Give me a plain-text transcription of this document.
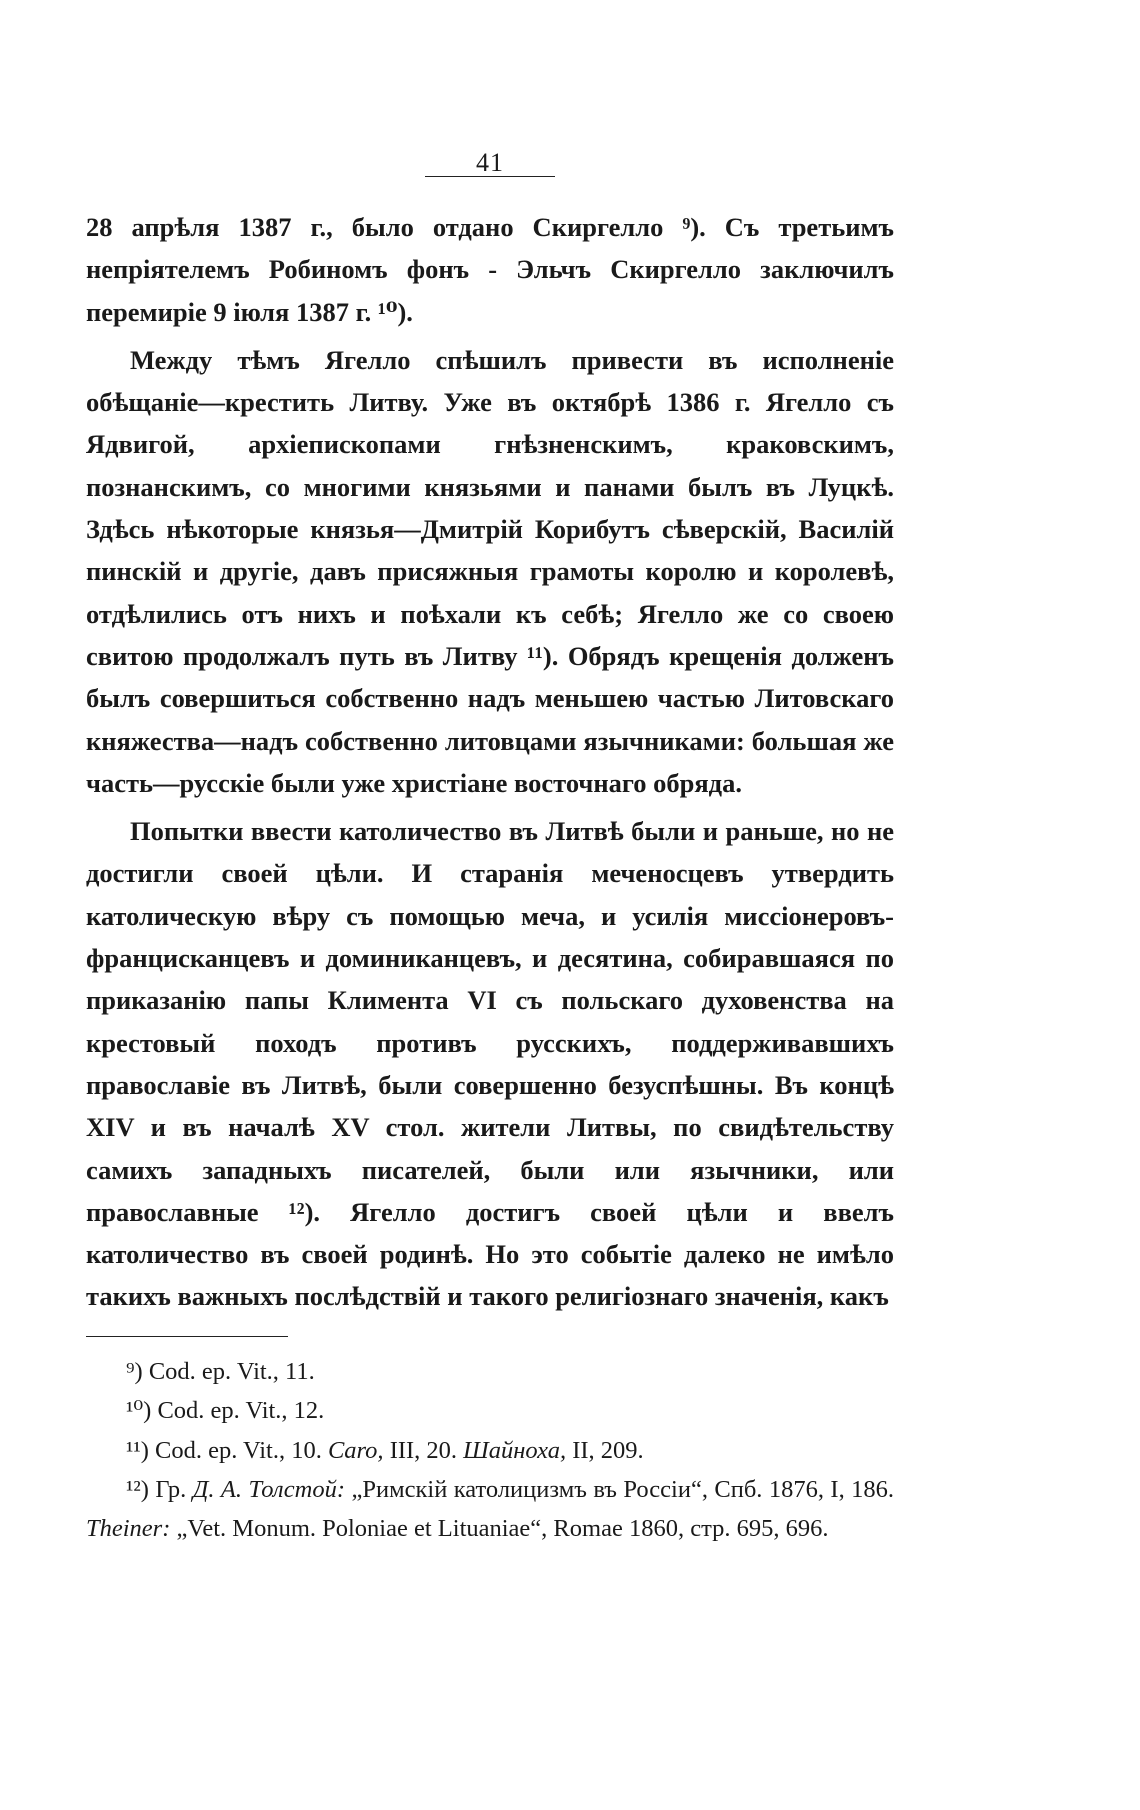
41

28 апрѣля 1387 г., было отдано Скиргелло ⁹). Съ третьимъ непріятелемъ Робиномъ фонъ - Эльчъ Скиргелло заключилъ перемиріе 9 іюля 1387 г. ¹⁰).

Между тѣмъ Ягелло спѣшилъ привести въ исполненіе обѣщаніе—крестить Литву. Уже въ октябрѣ 1386 г. Ягелло съ Ядвигой, архіепископами гнѣзненскимъ, краковскимъ, познанскимъ, со многими князьями и панами былъ въ Луцкѣ. Здѣсь нѣкоторые князья—Дмитрій Корибутъ сѣверскій, Василій пинскій и другіе, давъ присяжныя грамоты королю и королевѣ, отдѣлились отъ нихъ и поѣхали къ себѣ; Ягелло же со своею свитою продолжалъ путь въ Литву ¹¹). Обрядъ крещенія долженъ былъ совершиться собственно надъ меньшею частью Литовскаго княжества—надъ собственно литовцами язычниками: большая же часть—русскіе были уже христіане восточнаго обряда.

Попытки ввести католичество въ Литвѣ были и раньше, но не достигли своей цѣли. И старанія меченосцевъ утвердить католическую вѣру съ помощью меча, и усилія миссіонеровъ-францисканцевъ и доминиканцевъ, и десятина, собиравшаяся по приказанію папы Климента VI съ польскаго духовенства на крестовый походъ противъ русскихъ, поддерживавшихъ православіе въ Литвѣ, были совершенно безуспѣшны. Въ концѣ XIV и въ началѣ XV стол. жители Литвы, по свидѣтельству самихъ западныхъ писателей, были или язычники, или православные ¹²). Ягелло достигъ своей цѣли и ввелъ католичество въ своей родинѣ. Но это событіе далеко не имѣло такихъ важныхъ послѣдствій и такого религіознаго значенія, какъ

⁹) Cod. ep. Vit., 11.
¹⁰) Cod. ep. Vit., 12.
¹¹) Cod. ep. Vit., 10. Caro, III, 20. Шайноха, II, 209.
¹²) Гр. Д. А. Толстой: „Римскій католицизмъ въ Россіи“, Спб. 1876, I, 186. Theiner: „Vet. Monum. Poloniae et Lituaniae“, Romae 1860, стр. 695, 696.
